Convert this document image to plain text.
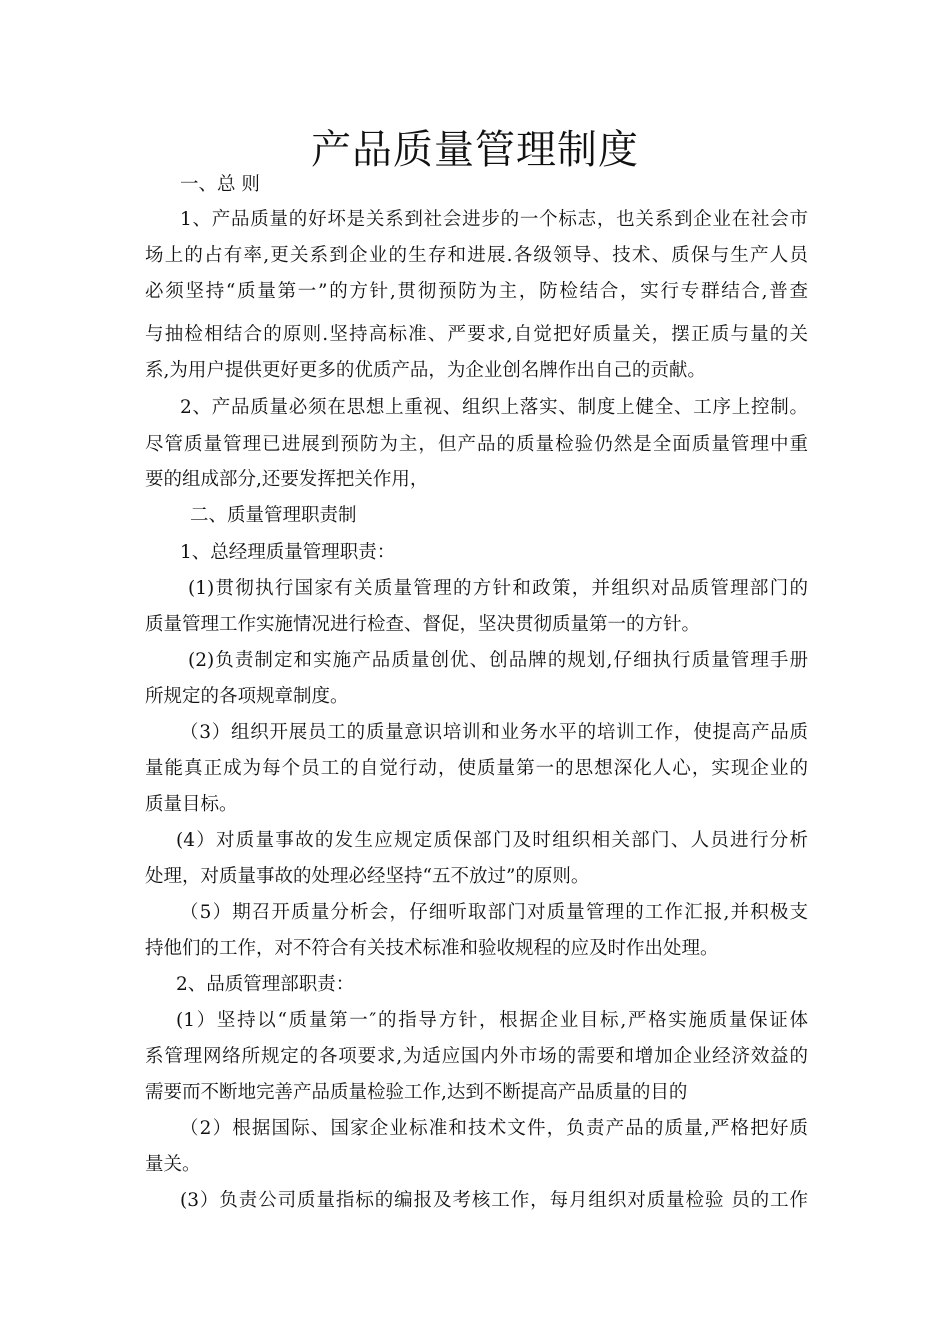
产品质量管理制度

一、总 则

1、产品质量的好坏是关系到社会进步的一个标志，也关系到企业在社会市

场上的占有率,更关系到企业的生存和进展.各级领导、技术、质保与生产人员

必须坚持“质量第一”的方针,贯彻预防为主，防检结合，实行专群结合,普查

与抽检相结合的原则.坚持高标准、严要求,自觉把好质量关，摆正质与量的关

系,为用户提供更好更多的优质产品，为企业创名牌作出自己的贡献。

2、产品质量必须在思想上重视、组织上落实、制度上健全、工序上控制。

尽管质量管理已进展到预防为主，但产品的质量检验仍然是全面质量管理中重

要的组成部分,还要发挥把关作用，

二、质量管理职责制

1、总经理质量管理职责：

(1)贯彻执行国家有关质量管理的方针和政策，并组织对品质管理部门的

质量管理工作实施情况进行检查、督促，坚决贯彻质量第一的方针。

(2)负责制定和实施产品质量创优、创品牌的规划,仔细执行质量管理手册

所规定的各项规章制度。

（3）组织开展员工的质量意识培训和业务水平的培训工作，使提高产品质

量能真正成为每个员工的自觉行动，使质量第一的思想深化人心，实现企业的

质量目标。

(4）对质量事故的发生应规定质保部门及时组织相关部门、人员进行分析

处理，对质量事故的处理必经坚持“五不放过”的原则。

（5）期召开质量分析会，仔细听取部门对质量管理的工作汇报,并积极支

持他们的工作，对不符合有关技术标准和验收规程的应及时作出处理。

2、品质管理部职责：

(1）坚持以“质量第一″的指导方针，根据企业目标,严格实施质量保证体

系管理网络所规定的各项要求,为适应国内外市场的需要和增加企业经济效益的

需要而不断地完善产品质量检验工作,达到不断提高产品质量的目的

（2）根据国际、国家企业标准和技术文件，负责产品的质量,严格把好质

量关。

(3）负责公司质量指标的编报及考核工作，每月组织对质量检验 员的工作
